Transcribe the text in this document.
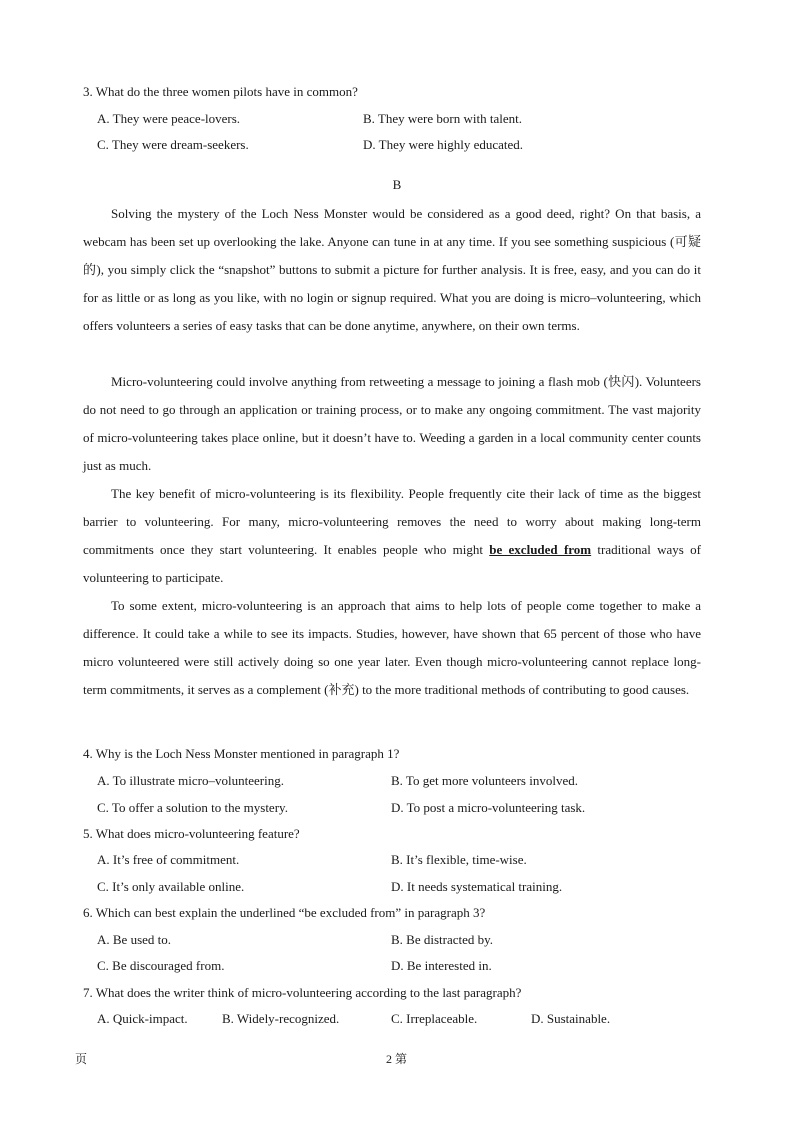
3. What do the three women pilots have in common?
A. They were peace-lovers.	B. They were born with talent.
C. They were dream-seekers.	D. They were highly educated.
B

Solving the mystery of the Loch Ness Monster would be considered as a good deed, right? On that basis, a webcam has been set up overlooking the lake. Anyone can tune in at any time. If you see something suspicious (可疑的), you simply click the “snapshot” buttons to submit a picture for further analysis. It is free, easy, and you can do it for as little or as long as you like, with no login or signup required. What you are doing is micro–volunteering, which offers volunteers a series of easy tasks that can be done anytime, anywhere, on their own terms.

Micro-volunteering could involve anything from retweeting a message to joining a flash mob (快闪). Volunteers do not need to go through an application or training process, or to make any ongoing commitment. The vast majority of micro-volunteering takes place online, but it doesn’t have to. Weeding a garden in a local community center counts just as much.

The key benefit of micro-volunteering is its flexibility. People frequently cite their lack of time as the biggest barrier to volunteering. For many, micro-volunteering removes the need to worry about making long-term commitments once they start volunteering. It enables people who might be excluded from traditional ways of volunteering to participate.

To some extent, micro-volunteering is an approach that aims to help lots of people come together to make a difference. It could take a while to see its impacts. Studies, however, have shown that 65 percent of those who have micro volunteered were still actively doing so one year later. Even though micro-volunteering cannot replace long-term commitments, it serves as a complement (补充) to the more traditional methods of contributing to good causes.

4. Why is the Loch Ness Monster mentioned in paragraph 1?
A. To illustrate micro–volunteering.	B. To get more volunteers involved.
C. To offer a solution to the mystery.	D. To post a micro-volunteering task.
5. What does micro-volunteering feature?
A. It’s free of commitment.	B. It’s flexible, time-wise.
C. It’s only available online.	D. It needs systematical training.
6. Which can best explain the underlined “be excluded from” in paragraph 3?
A. Be used to.	B. Be distracted by.
C. Be discouraged from.	D. Be interested in.
7. What does the writer think of micro-volunteering according to the last paragraph?
A. Quick-impact.	B. Widely-recognized.	C. Irreplaceable.	D. Sustainable.
页	2 第
